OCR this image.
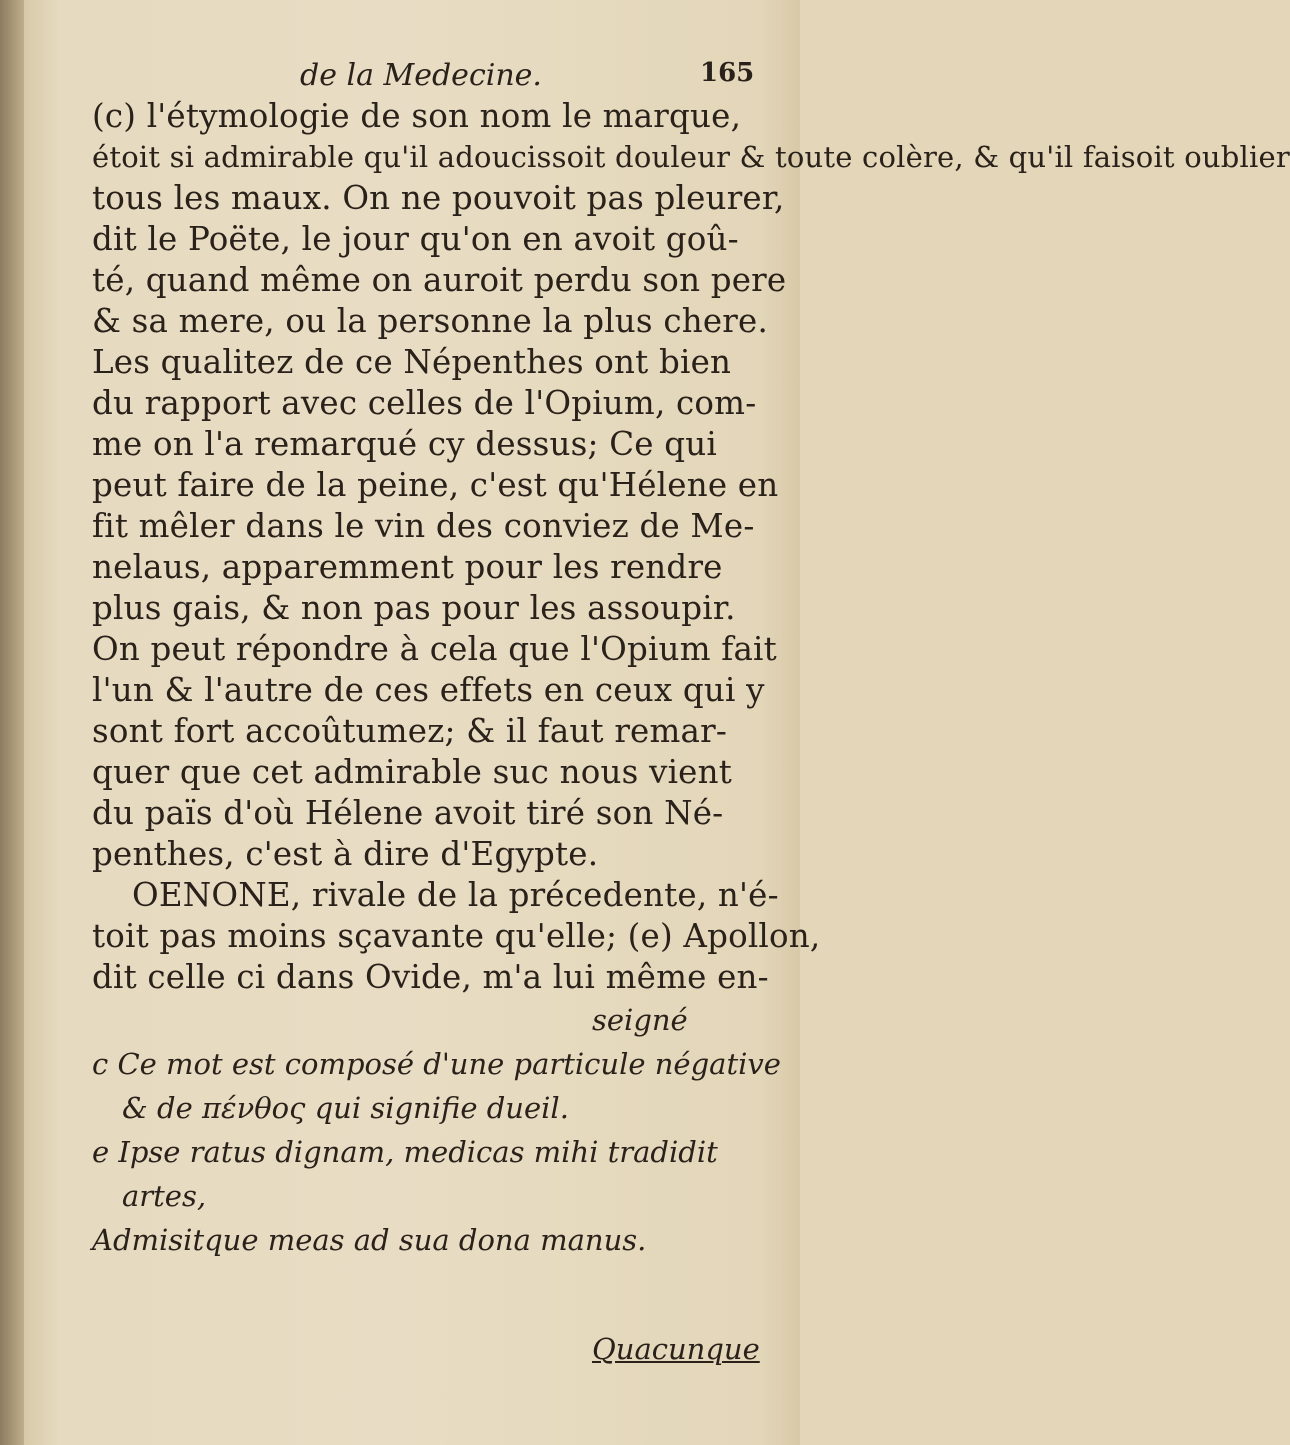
de la Medecine.	165
(c) l'étymologie de son nom le marque,
étoit si admirable qu'il adoucissoit douleur & toute colère, & qu'il faisoit oublier
tous les maux. On ne pouvoit pas pleurer,
dit le Poëte, le jour qu'on en avoit goû-
té, quand même on auroit perdu son pere
& sa mere, ou la personne la plus chere.
Les qualitez de ce Népenthes ont bien
du rapport avec celles de l'Opium, com-
me on l'a remarqué cy dessus; Ce qui
peut faire de la peine, c'est qu'Hélene en
fit mêler dans le vin des conviez de Me-
nelaus, apparemment pour les rendre
plus gais, & non pas pour les assoupir.
On peut répondre à cela que l'Opium fait
l'un & l'autre de ces effets en ceux qui y
sont fort accoûtumez; & il faut remar-
quer que cet admirable suc nous vient
du païs d'où Hélene avoit tiré son Né-
penthes, c'est à dire d'Egypte.
OENONE, rivale de la précedente, n'é-
toit pas moins sçavante qu'elle; (e) Apollon,
dit celle ci dans Ovide, m'a lui même en-
seigné
c Ce mot est composé d'une particule négative
& de πένθος qui signifie dueil.
e Ipse ratus dignam, medicas mihi tradidit
artes,
Admisitque meas ad sua dona manus.
Quacunque
